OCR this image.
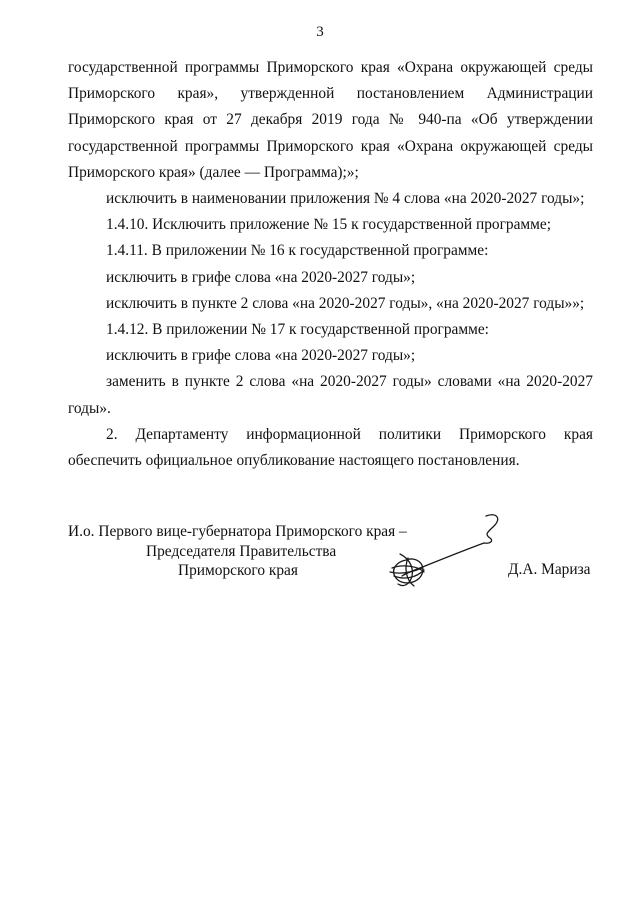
3

государственной программы Приморского края «Охрана окружающей среды Приморского края», утвержденной постановлением Администрации Приморского края от 27 декабря 2019 года № 940-па «Об утверждении государственной программы Приморского края «Охрана окружающей среды Приморского края» (далее — Программа);»;

исключить в наименовании приложения № 4 слова «на 2020-2027 годы»;

1.4.10. Исключить приложение № 15 к государственной программе;

1.4.11. В приложении № 16 к государственной программе:

исключить в грифе слова «на 2020-2027 годы»;

исключить в пункте 2 слова «на 2020-2027 годы», «на 2020-2027 годы»»;

1.4.12. В приложении № 17 к государственной программе:

исключить в грифе слова «на 2020-2027 годы»;

заменить в пункте 2 слова «на 2020-2027 годы» словами «на 2020-2027 годы».

2. Департаменту информационной политики Приморского края обеспечить официальное опубликование настоящего постановления.

И.о. Первого вице-губернатора Приморского края –
Председателя Правительства
Приморского края	Д.А. Мариза
